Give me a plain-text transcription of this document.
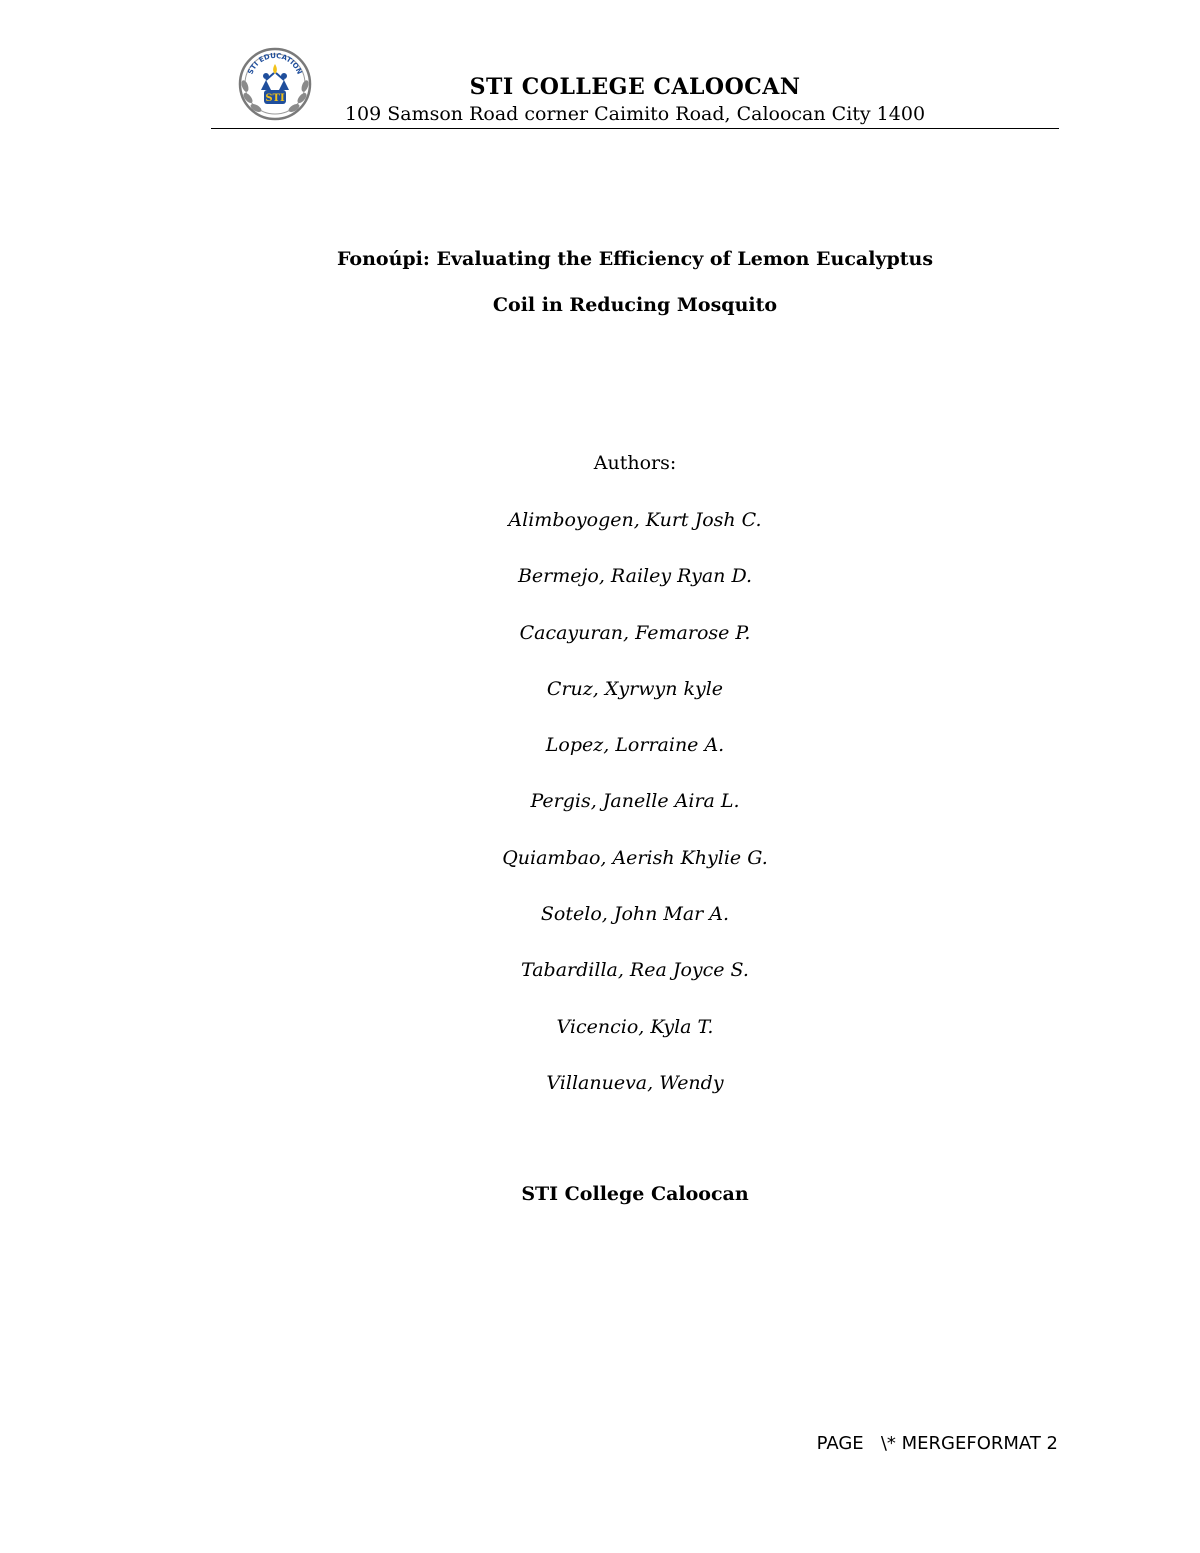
STI EDUCATION
STI	STI COLLEGE CALOOCAN
109 Samson Road corner Caimito Road, Caloocan City 1400
Fonoúpi: Evaluating the Efficiency of Lemon Eucalyptus
Coil in Reducing Mosquito
Authors:
Alimboyogen, Kurt Josh C.
Bermejo, Railey Ryan D.
Cacayuran, Femarose P.
Cruz, Xyrwyn kyle
Lopez, Lorraine A.
Pergis, Janelle Aira L.
Quiambao, Aerish Khylie G.
Sotelo, John Mar A.
Tabardilla, Rea Joyce S.
Vicencio, Kyla T.
Villanueva, Wendy
STI College Caloocan
PAGE   \* MERGEFORMAT 2
